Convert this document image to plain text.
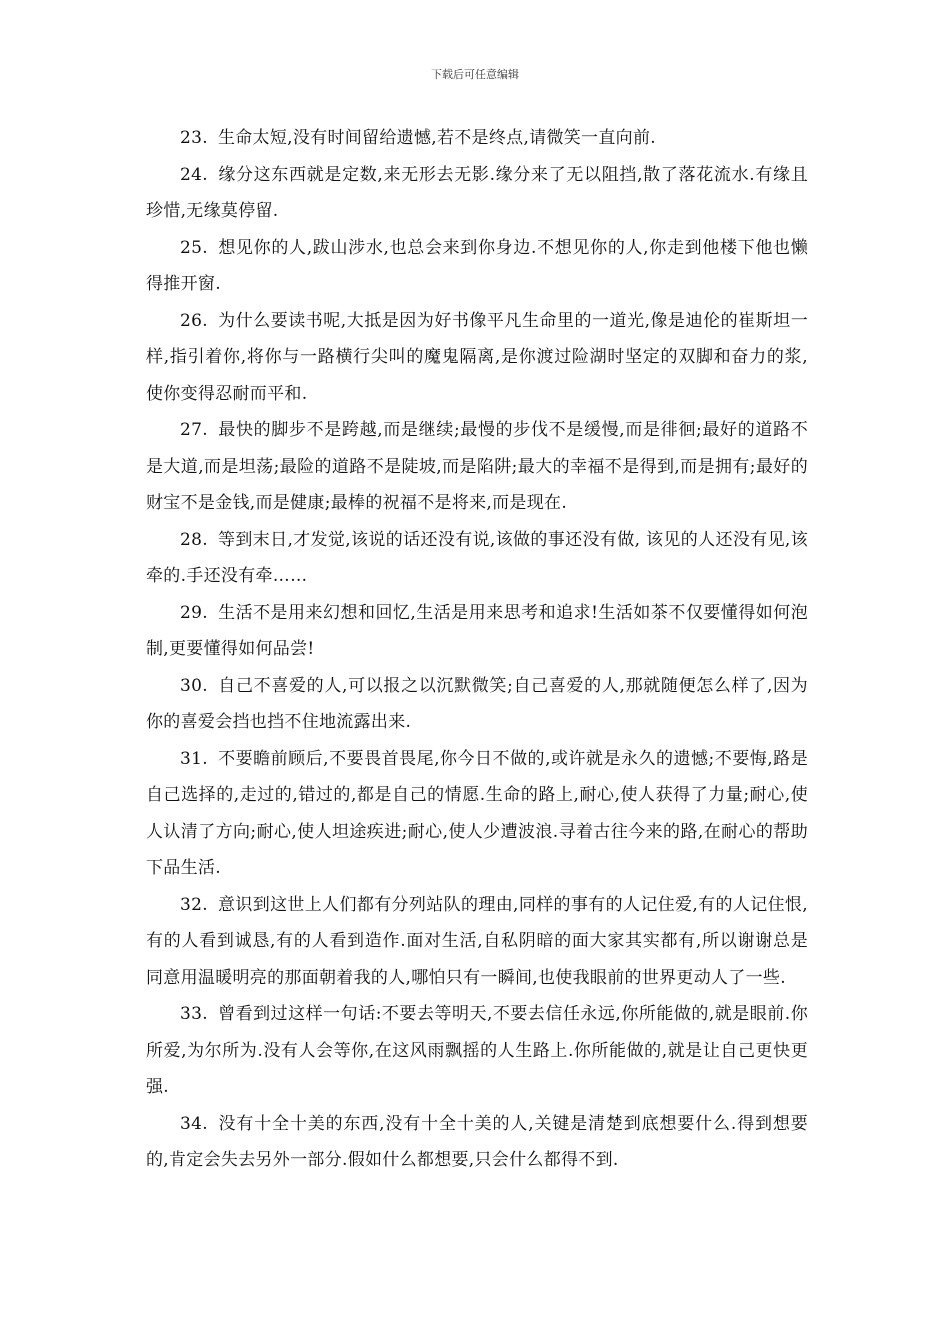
下载后可任意编辑

23. 生命太短,没有时间留给遗憾,若不是终点,请微笑一直向前.

24. 缘分这东西就是定数,来无形去无影.缘分来了无以阻挡,散了落花流水.有缘且珍惜,无缘莫停留.

25. 想见你的人,跋山涉水,也总会来到你身边.不想见你的人,你走到他楼下他也懒得推开窗.

26. 为什么要读书呢,大抵是因为好书像平凡生命里的一道光,像是迪伦的崔斯坦一样,指引着你,将你与一路横行尖叫的魔鬼隔离,是你渡过险湖时坚定的双脚和奋力的浆,使你变得忍耐而平和.

27. 最快的脚步不是跨越,而是继续;最慢的步伐不是缓慢,而是徘徊;最好的道路不是大道,而是坦荡;最险的道路不是陡坡,而是陷阱;最大的幸福不是得到,而是拥有;最好的财宝不是金钱,而是健康;最棒的祝福不是将来,而是现在.

28. 等到末日,才发觉,该说的话还没有说,该做的事还没有做, 该见的人还没有见,该牵的.手还没有牵……

29. 生活不是用来幻想和回忆,生活是用来思考和追求!生活如茶不仅要懂得如何泡制,更要懂得如何品尝!

30. 自己不喜爱的人,可以报之以沉默微笑;自己喜爱的人,那就随便怎么样了,因为你的喜爱会挡也挡不住地流露出来.

31. 不要瞻前顾后,不要畏首畏尾,你今日不做的,或许就是永久的遗憾;不要悔,路是自己选择的,走过的,错过的,都是自己的情愿.生命的路上,耐心,使人获得了力量;耐心,使人认清了方向;耐心,使人坦途疾进;耐心,使人少遭波浪.寻着古往今来的路,在耐心的帮助下品生活.

32. 意识到这世上人们都有分列站队的理由,同样的事有的人记住爱,有的人记住恨,有的人看到诚恳,有的人看到造作.面对生活,自私阴暗的面大家其实都有,所以谢谢总是同意用温暖明亮的那面朝着我的人,哪怕只有一瞬间,也使我眼前的世界更动人了一些.

33. 曾看到过这样一句话:不要去等明天,不要去信任永远,你所能做的,就是眼前.你所爱,为尔所为.没有人会等你,在这风雨飘摇的人生路上.你所能做的,就是让自己更快更强.

34. 没有十全十美的东西,没有十全十美的人,关键是清楚到底想要什么.得到想要的,肯定会失去另外一部分.假如什么都想要,只会什么都得不到.
